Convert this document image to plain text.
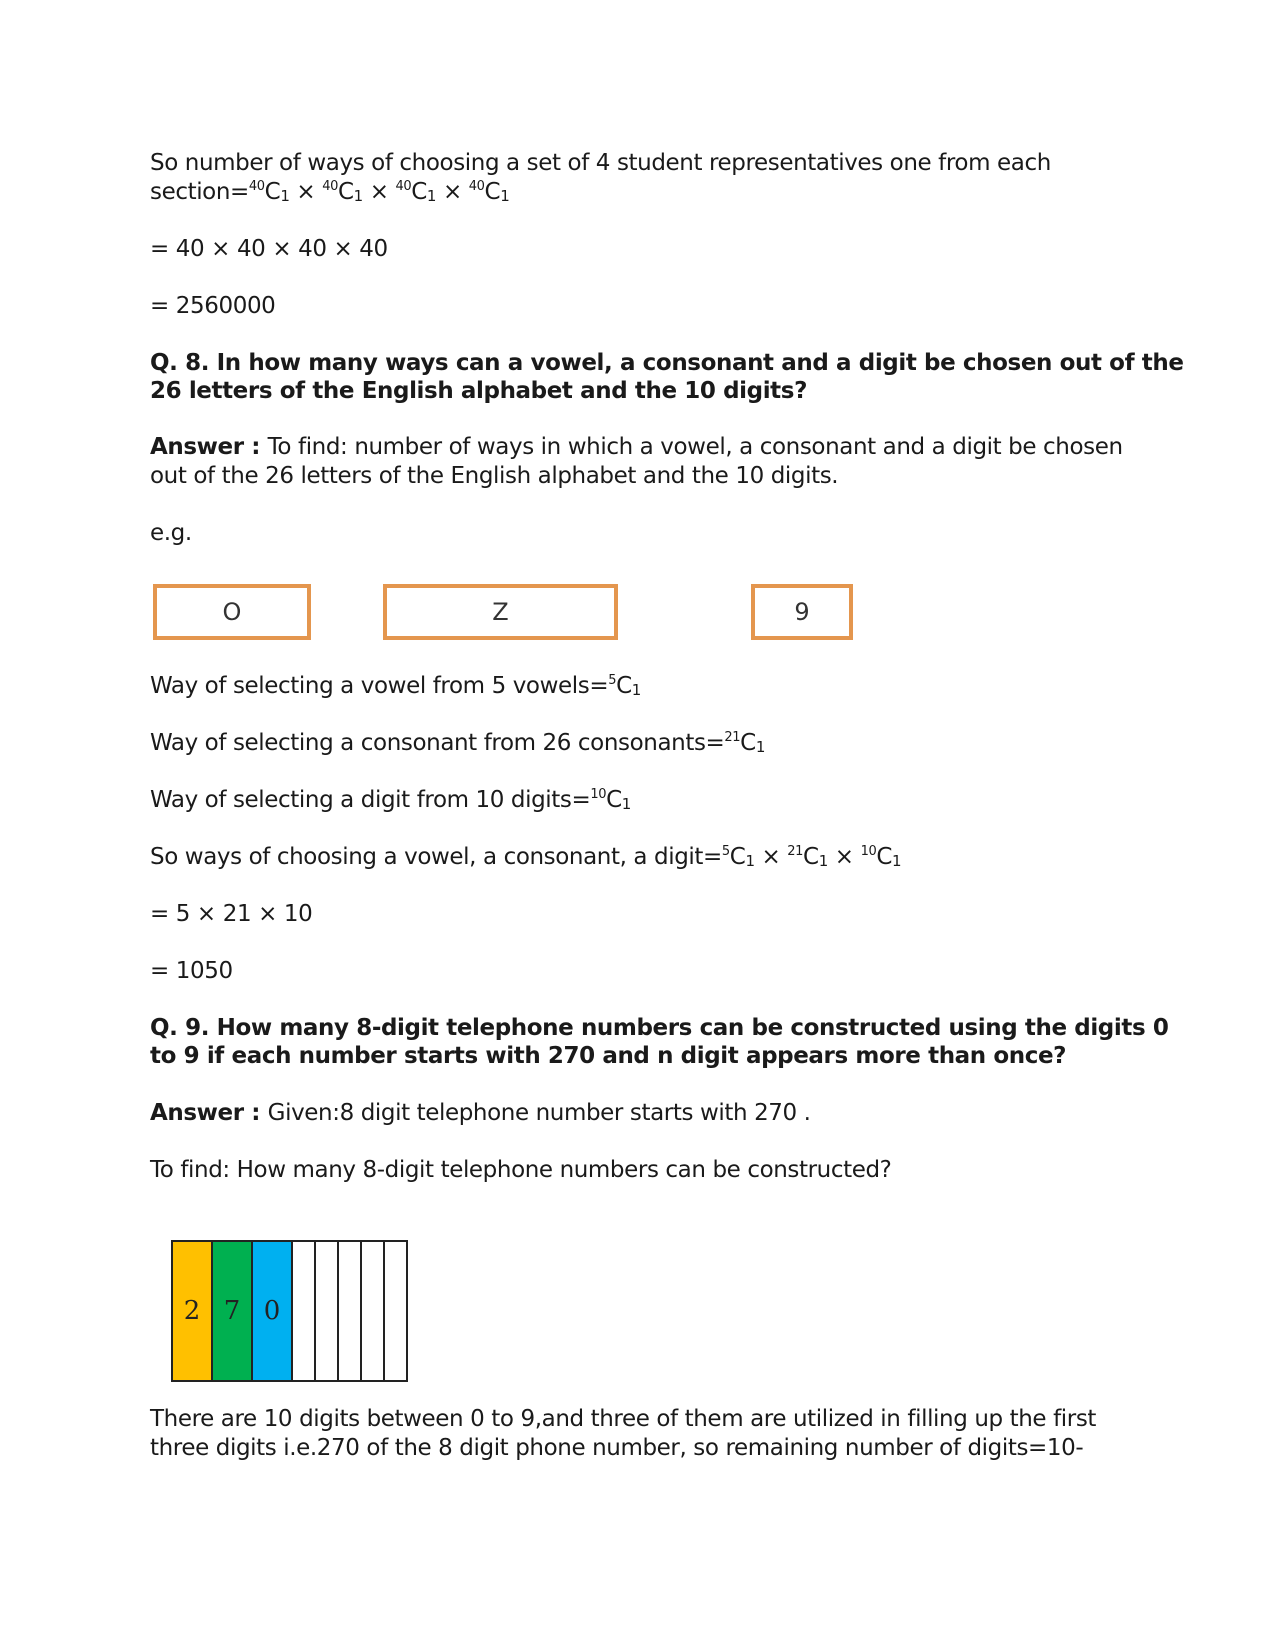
So number of ways of choosing a set of 4 student representatives one from each
$section=^{40}C_1 \times ^{40}C_1 \times ^{40}C_1 \times ^{40}C_1$
= 40 × 40 × 40 × 40
= 2560000
Q. 8. In how many ways can a vowel, a consonant and a digit be chosen out of the
26 letters of the English alphabet and the 10 digits?
Answer : To find: number of ways in which a vowel, a consonant and a digit be chosen
out of the 26 letters of the English alphabet and the 10 digits.
e.g.
O	Z	9
Way of selecting a vowel from 5 $vowels=^5C_1$
Way of selecting a consonant from 26 $consonants=^{21}C_1$
Way of selecting a digit from 10 $digits=^{10}C_1$
So ways of choosing a vowel, a consonant, a $digit=^5C_1 \times ^{21}C_1 \times ^{10}C_1$
= 5 × 21 × 10
= 1050
Q. 9. How many 8-digit telephone numbers can be constructed using the digits 0
to 9 if each number starts with 270 and n digit appears more than once?
Answer : Given:8 digit telephone number starts with 270 .
To find: How many 8-digit telephone numbers can be constructed?
2 7 0
There are 10 digits between 0 to 9,and three of them are utilized in filling up the first
three digits i.e.270 of the 8 digit phone number, so remaining number of digits=10-
